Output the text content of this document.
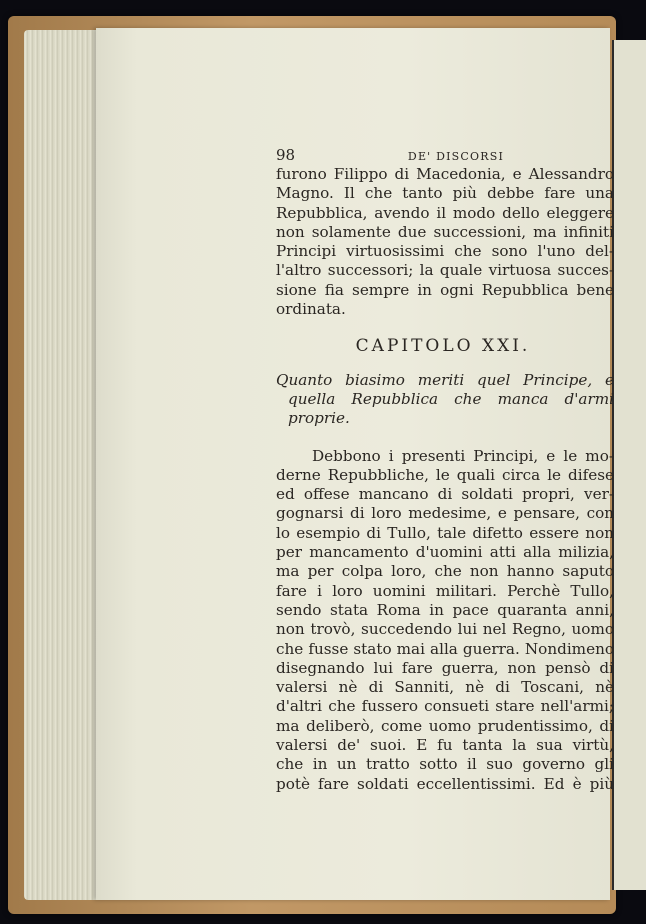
98	DE' DISCORSI
furono Filippo di Macedonia, e Alessandro
Magno. Il che tanto più debbe fare una
Repubblica, avendo il modo dello eleggere
non solamente due successioni, ma infiniti
Principi virtuosissimi che sono l'uno del-
l'altro successori; la quale virtuosa succes-
sione fia sempre in ogni Repubblica bene
ordinata.
CAPITOLO XXI.
Quanto biasimo meriti quel Principe, e
quella Repubblica che manca d'armi
proprie.
Debbono i presenti Principi, e le mo-
derne Repubbliche, le quali circa le difese
ed offese mancano di soldati propri, ver-
gognarsi di loro medesime, e pensare, con
lo esempio di Tullo, tale difetto essere non
per mancamento d'uomini atti alla milizia,
ma per colpa loro, che non hanno saputo
fare i loro uomini militari. Perchè Tullo,
sendo stata Roma in pace quaranta anni,
non trovò, succedendo lui nel Regno, uomo
che fusse stato mai alla guerra. Nondimeno
disegnando lui fare guerra, non pensò di
valersi nè di Sanniti, nè di Toscani, nè
d'altri che fussero consueti stare nell'armi;
ma deliberò, come uomo prudentissimo, di
valersi de' suoi. E fu tanta la sua virtù,
che in un tratto sotto il suo governo gli
potè fare soldati eccellentissimi. Ed è più
